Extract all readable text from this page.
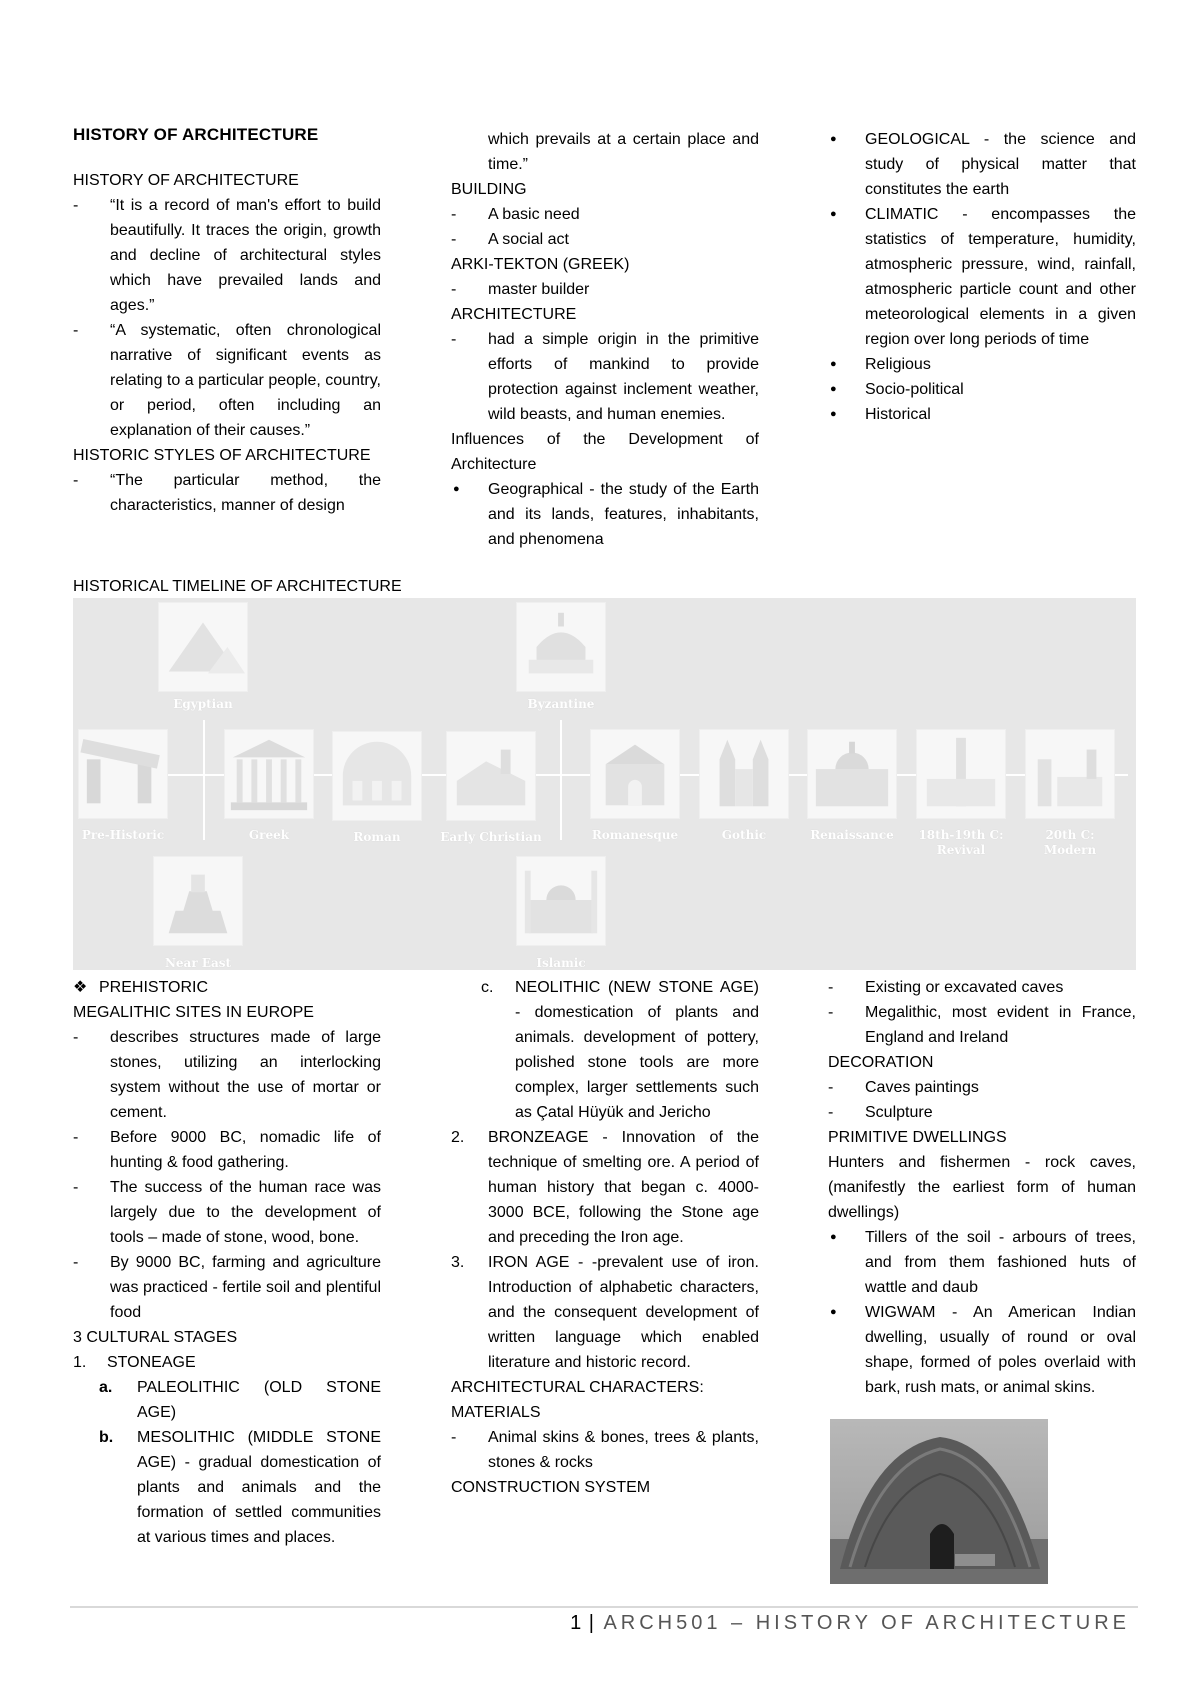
HISTORY OF ARCHITECTURE
HISTORY OF ARCHITECTURE
- “It is a record of man's effort to build beautifully. It traces the origin, growth and decline of architectural styles which have prevailed lands and ages.”
- “A systematic, often chronological narrative of significant events as relating to a particular people, country, or period, often including an explanation of their causes.”
HISTORIC STYLES OF ARCHITECTURE
- “The particular method, the characteristics, manner of design
which prevails at a certain place and time.”
BUILDING
- A basic need
- A social act
ARKI-TEKTON (GREEK)
- master builder
ARCHITECTURE
- had a simple origin in the primitive efforts of mankind to provide protection against inclement weather, wild beasts, and human enemies.
Influences of the Development of Architecture
● Geographical - the study of the Earth and its lands, features, inhabitants, and phenomena
● GEOLOGICAL - the science and study of physical matter that constitutes the earth
● CLIMATIC - encompasses the statistics of temperature, humidity, atmospheric pressure, wind, rainfall, atmospheric particle count and other meteorological elements in a given region over long periods of time
● Religious
● Socio-political
● Historical
HISTORICAL TIMELINE OF ARCHITECTURE
Egyptian	Byzantine
Pre-Historic	Greek	Roman	Early Christian	Romanesque	Gothic	Renaissance	18th-19th C:
Revival
20th C:
Modern
Near East	Islamic
❖ PREHISTORIC
MEGALITHIC SITES IN EUROPE
- describes structures made of large stones, utilizing an interlocking system without the use of mortar or cement.
- Before 9000 BC, nomadic life of hunting & food gathering.
- The success of the human race was largely due to the development of tools – made of stone, wood, bone.
- By 9000 BC, farming and agriculture was practiced - fertile soil and plentiful food
3 CULTURAL STAGES
1. STONEAGE
a. PALEOLITHIC (OLD STONE AGE)
b. MESOLITHIC (MIDDLE STONE AGE) - gradual domestication of plants and animals and the formation of settled communities at various times and places.
c. NEOLITHIC (NEW STONE AGE) - domestication of plants and animals. development of pottery, polished stone tools are more complex, larger settlements such as Çatal Hüyük and Jericho
2. BRONZEAGE - Innovation of the technique of smelting ore. A period of human history that began c. 4000-3000 BCE, following the Stone age and preceding the Iron age.
3. IRON AGE - -prevalent use of iron. Introduction of alphabetic characters, and the consequent development of written language which enabled literature and historic record.
ARCHITECTURAL CHARACTERS:
MATERIALS
- Animal skins & bones, trees & plants, stones & rocks
CONSTRUCTION SYSTEM
- Existing or excavated caves
- Megalithic, most evident in France, England and Ireland
DECORATION
- Caves paintings
- Sculpture
PRIMITIVE DWELLINGS
Hunters and fishermen - rock caves, (manifestly the earliest form of human dwellings)
● Tillers of the soil - arbours of trees, and from them fashioned huts of wattle and daub
● WIGWAM - An American Indian dwelling, usually of round or oval shape, formed of poles overlaid with bark, rush mats, or animal skins.
1 | ARCH501 – HISTORY OF ARCHITECTURE
